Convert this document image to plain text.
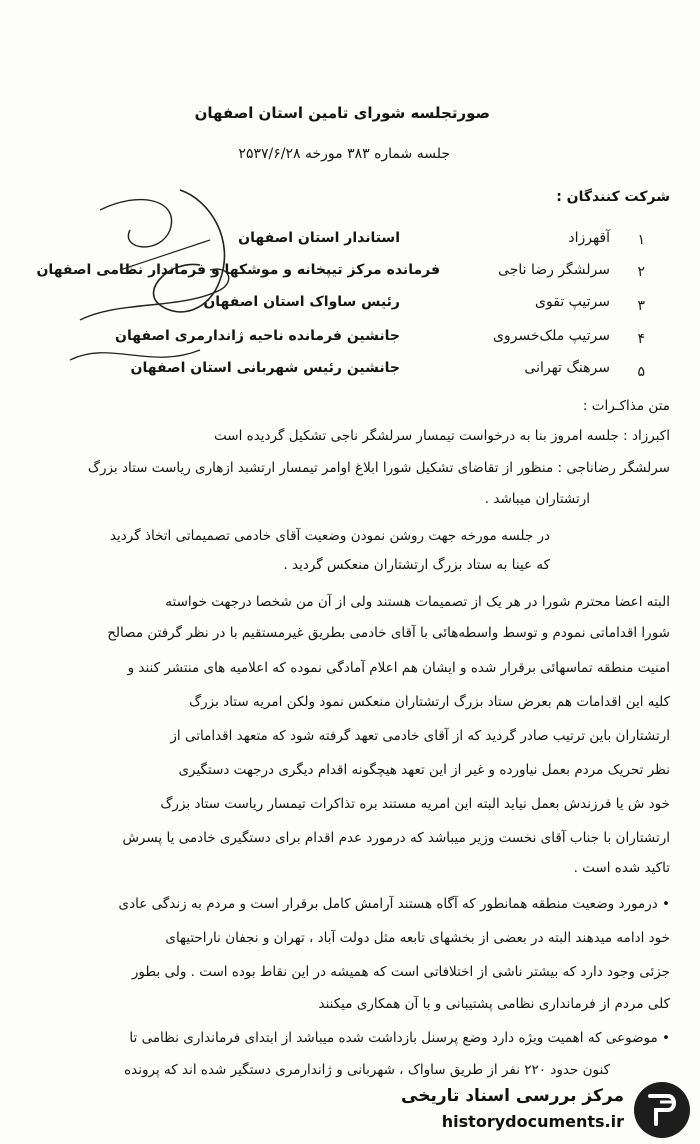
صورتجلسه شورای تامین استان اصفهان
جلسه شماره ۳۸۳ مورخه ۲۵۳۷/۶/۲۸
شرکت کنندگان :
۱
آقهرزاد
استاندار استان اصفهان
۲
سرلشگر رضا ناجی
فرمانده مرکز تیپخانه و موشکها و فرماندار نظامی اصفهان
۳
سرتیپ تقوی
رئیس ساواک استان اصفهان
۴
سرتیپ ملک‌خسروی
جانشین فرمانده ناحیه ژاندارمری اصفهان
۵
سرهنگ تهرانی
جانشین رئیس شهربانی استان اصفهان
متن مذاکـرات :
اکبرزاد : جلسه امروز بنا به درخواست تیمسار سرلشگر ناجی تشکیل گردیده است
سرلشگر رضاناجی : منظور از تقاضای تشکیل شورا ابلاغ اوامر تیمسار ارتشبد ازهاری ریاست ستاد بزرگ
ارتشتاران میباشد .
در جلسه مورخه جهت روشن نمودن وضعیت آقای خادمی تصمیماتی اتخاذ گردید
که عینا به ستاد بزرگ ارتشتاران منعکس گردید .
البته اعضا محترم شورا در هر یک از تصمیمات هستند ولی از آن من شخصا درجهت خواسته
شورا اقداماتی نمودم و توسط واسطه‌هائی با آقای خادمی بطریق غیرمستقیم با در نظر گرفتن مصالح
امنیت منطقه تماسهائی برقرار شده و ایشان هم اعلام آمادگی نموده که اعلامیه های منتشر کنند و
کلیه این اقدامات هم بعرض ستاد بزرگ ارتشتاران منعکس نمود ولکن امریه ستاد بزرگ
ارتشتاران باین ترتیب صادر گردید که از آقای خادمی تعهد گرفته شود که متعهد اقداماتی از
نظر تحریک مردم بعمل نیاورده و غیر از این تعهد هیچگونه اقدام دیگری درجهت دستگیری
خود ش یا فرزندش بعمل نیاید البته این امریه مستند بره تذاکرات تیمسار ریاست ستاد بزرگ
ارتشتاران با جناب آقای نخست وزیر میباشد که درمورد عدم اقدام برای دستگیری خادمی یا پسرش
تاکید شده است .
• درمورد وضعیت منطقه همانطور که آگاه هستند آرامش کامل برقرار است و مردم به زندگی عادی
خود ادامه میدهند البته در بعضی از بخشهای تابعه مثل دولت آباد ، تهران و نجفان ناراحتیهای
جزئی وجود دارد که بیشتر ناشی از اختلافاتی است که همیشه در این نقاط بوده است . ولی بطور
کلی مردم از فرمانداری نظامی پشتیبانی و با آن همکاری میکنند
• موضوعی که اهمیت ویژه دارد وضع پرسنل بازداشت شده میباشد از ابتدای فرمانداری نظامی تا
کنون حدود ۲۲۰ نفر از طریق ساواک ، شهربانی و ژاندارمری دستگیر شده اند که پرونده
مرکز بررسی اسناد تاریخی
historydocuments.ir
